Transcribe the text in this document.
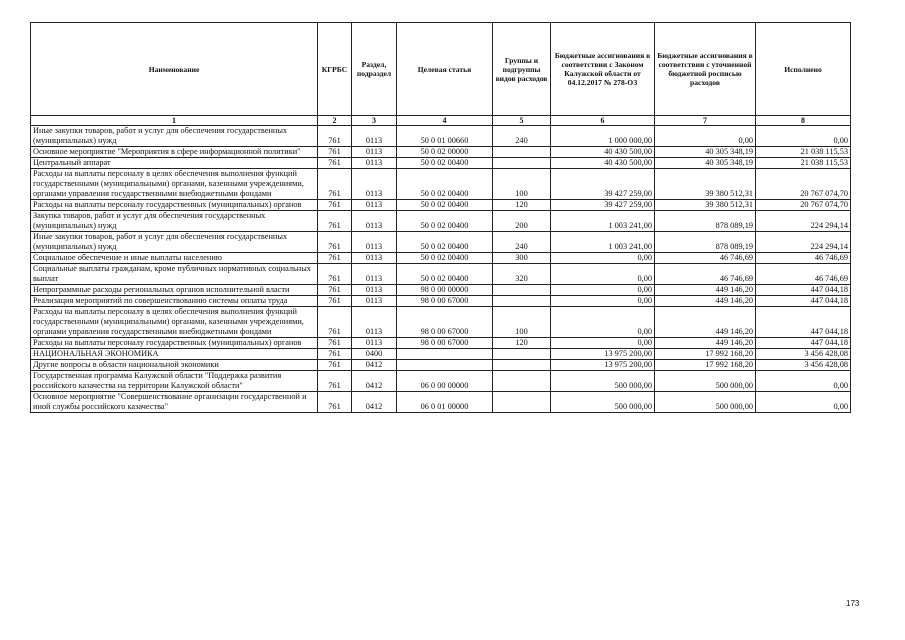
Наименование	КГРБС	Раздел, подраздел	Целевая статья	Группы и подгруппы видов расходов	Бюджетные ассигнования в соответствии с Законом Калужской области от 04.12.2017 № 278-ОЗ	Бюджетные ассигнования в соответствии с уточненной бюджетной росписью расходов	Исполнено
1	2	3	4	5	6	7	8
Иные закупки товаров, работ и услуг для обеспечения государственных (муниципальных) нужд	761	0113	50 0 01 00660	240	1 000 000,00	0,00	0,00
Основное мероприятие "Мероприятия в сфере информационной политики"	761	0113	50 0 02 00000		40 430 500,00	40 305 348,19	21 038 115,53
Центральный аппарат	761	0113	50 0 02 00400		40 430 500,00	40 305 348,19	21 038 115,53
Расходы на выплаты персоналу в целях обеспечения выполнения функций государственными (муниципальными) органами, казенными учреждениями, органами управления государственными внебюджетными фондами	761	0113	50 0 02 00400	100	39 427 259,00	39 380 512,31	20 767 074,70
Расходы на выплаты персоналу государственных (муниципальных) органов	761	0113	50 0 02 00400	120	39 427 259,00	39 380 512,31	20 767 074,70
Закупка товаров, работ и услуг для обеспечения государственных (муниципальных) нужд	761	0113	50 0 02 00400	200	1 003 241,00	878 089,19	224 294,14
Иные закупки товаров, работ и услуг для обеспечения государственных (муниципальных) нужд	761	0113	50 0 02 00400	240	1 003 241,00	878 089,19	224 294,14
Социальное обеспечение и иные выплаты населению	761	0113	50 0 02 00400	300	0,00	46 746,69	46 746,69
Социальные выплаты гражданам, кроме публичных нормативных социальных выплат	761	0113	50 0 02 00400	320	0,00	46 746,69	46 746,69
Непрограммные расходы региональных органов исполнительной власти	761	0113	98 0 00 00000		0,00	449 146,20	447 044,18
Реализация мероприятий по совершенствованию системы оплаты труда	761	0113	98 0 00 67000		0,00	449 146,20	447 044,18
Расходы на выплаты персоналу в целях обеспечения выполнения функций государственными (муниципальными) органами, казенными учреждениями, органами управления государственными внебюджетными фондами	761	0113	98 0 00 67000	100	0,00	449 146,20	447 044,18
Расходы на выплаты персоналу государственных (муниципальных) органов	761	0113	98 0 00 67000	120	0,00	449 146,20	447 044,18
НАЦИОНАЛЬНАЯ ЭКОНОМИКА	761	0400			13 975 200,00	17 992 168,20	3 456 428,08
Другие вопросы в области национальной экономики	761	0412			13 975 200,00	17 992 168,20	3 456 428,08
Государственная программа Калужской области "Поддержка развития российского казачества на территории Калужской области"	761	0412	06 0 00 00000		500 000,00	500 000,00	0,00
Основное мероприятие "Совершенствование организации государственной и иной службы российского казачества"	761	0412	06 0 01 00000		500 000,00	500 000,00	0,00
173
